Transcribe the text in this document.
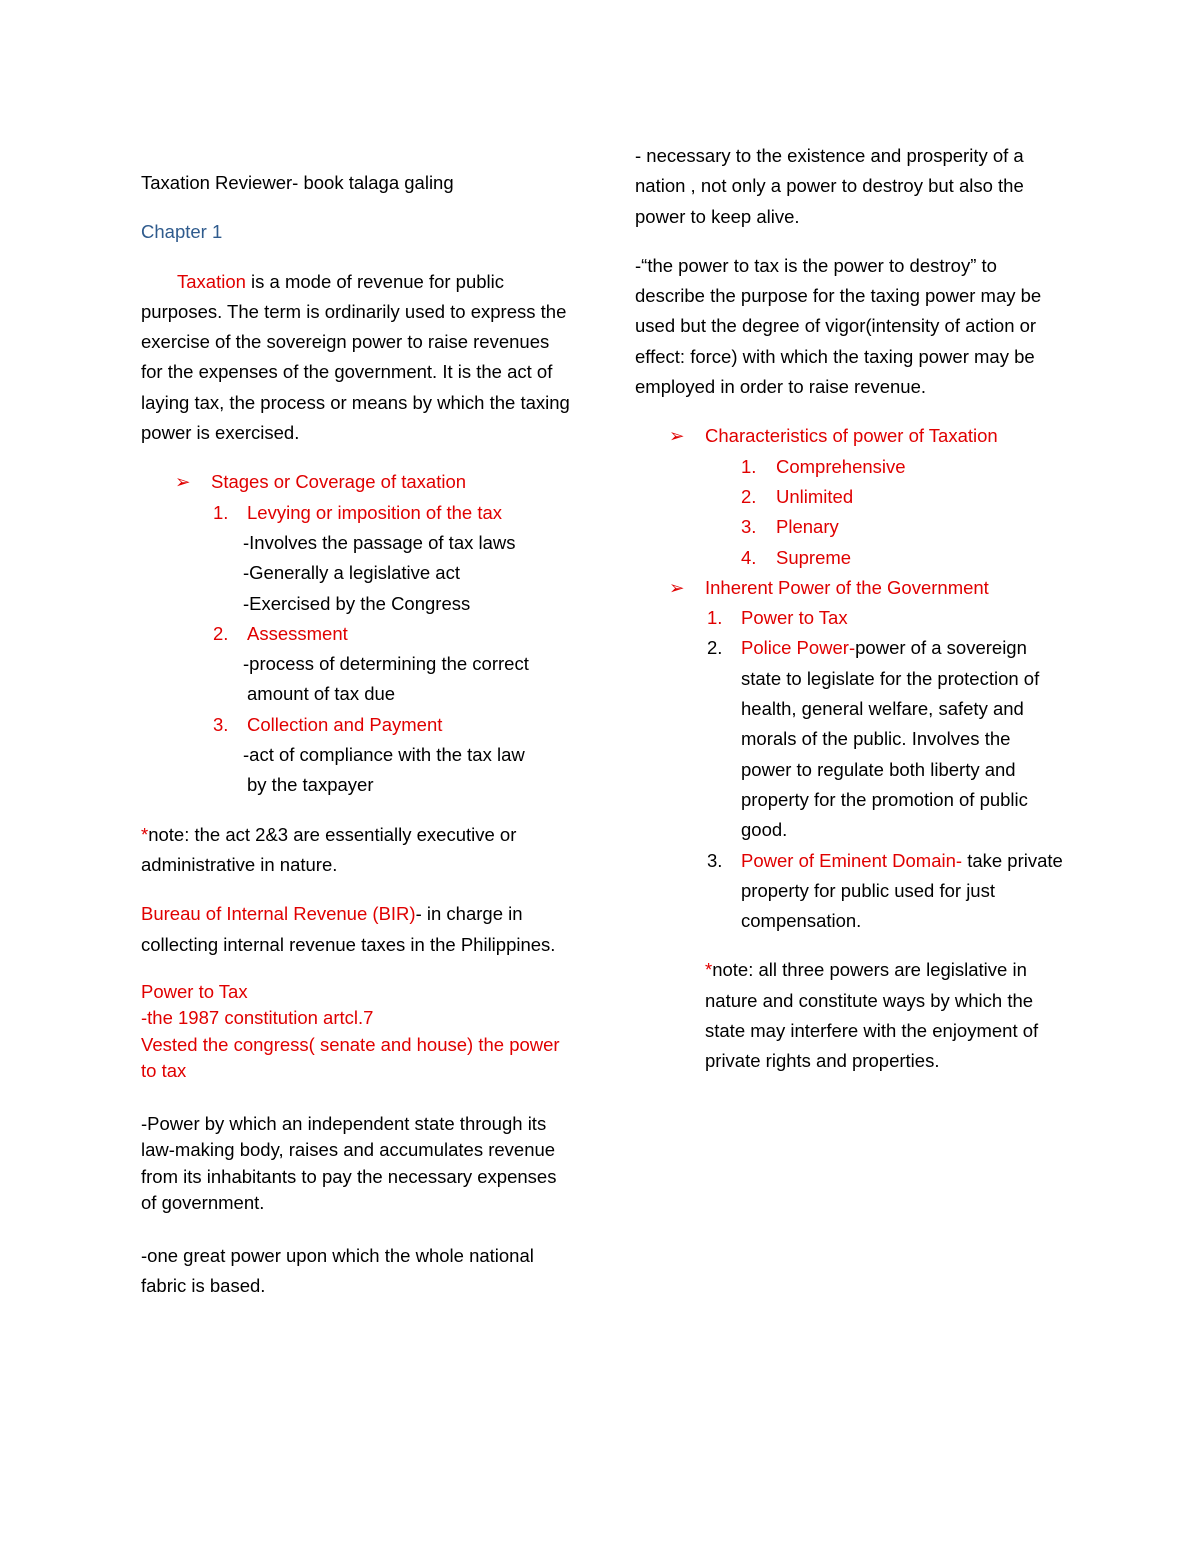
Taxation Reviewer- book talaga galing

Chapter 1

Taxation is a mode of revenue for public purposes. The term is ordinarily used to express the exercise of the sovereign power to raise revenues for the expenses of the government. It is the act of laying tax, the process or means by which the taxing power is exercised.

➢ Stages or Coverage of taxation
1. Levying or imposition of the tax

-Involves the passage of tax laws

-Generally a legislative act

-Exercised by the Congress

2. Assessment

-process of determining the correct

amount of tax due

3. Collection and Payment

-act of compliance with the tax law

by the taxpayer

*note: the act 2&3 are essentially executive or administrative in nature.

Bureau of Internal Revenue (BIR)- in charge in collecting internal revenue taxes in the Philippines.

Power to Tax

-the 1987 constitution artcl.7

Vested the congress( senate and house) the power to tax

-Power by which an independent state through its law-making body, raises and accumulates revenue from its inhabitants to pay the necessary expenses of government.

-one great power upon which the whole national fabric is based.

- necessary to the existence and prosperity of a nation , not only a power to destroy but also the power to keep alive.

-“the power to tax is the power to destroy” to describe the purpose for the taxing power may be used but the degree of vigor(intensity of action or effect: force) with which the taxing power may be employed in order to raise revenue.

➢ Characteristics of power of Taxation
1. Comprehensive
2. Unlimited
3. Plenary
4. Supreme
➢ Inherent Power of the Government
1. Power to Tax
2. Police Power-power of a sovereign state to legislate for the protection of health, general welfare, safety and morals of the public. Involves the power to regulate both liberty and property for the promotion of public good.
3. Power of Eminent Domain- take private property for public used for just compensation.

*note: all three powers are legislative in nature and constitute ways by which the state may interfere with the enjoyment of private rights and properties.
